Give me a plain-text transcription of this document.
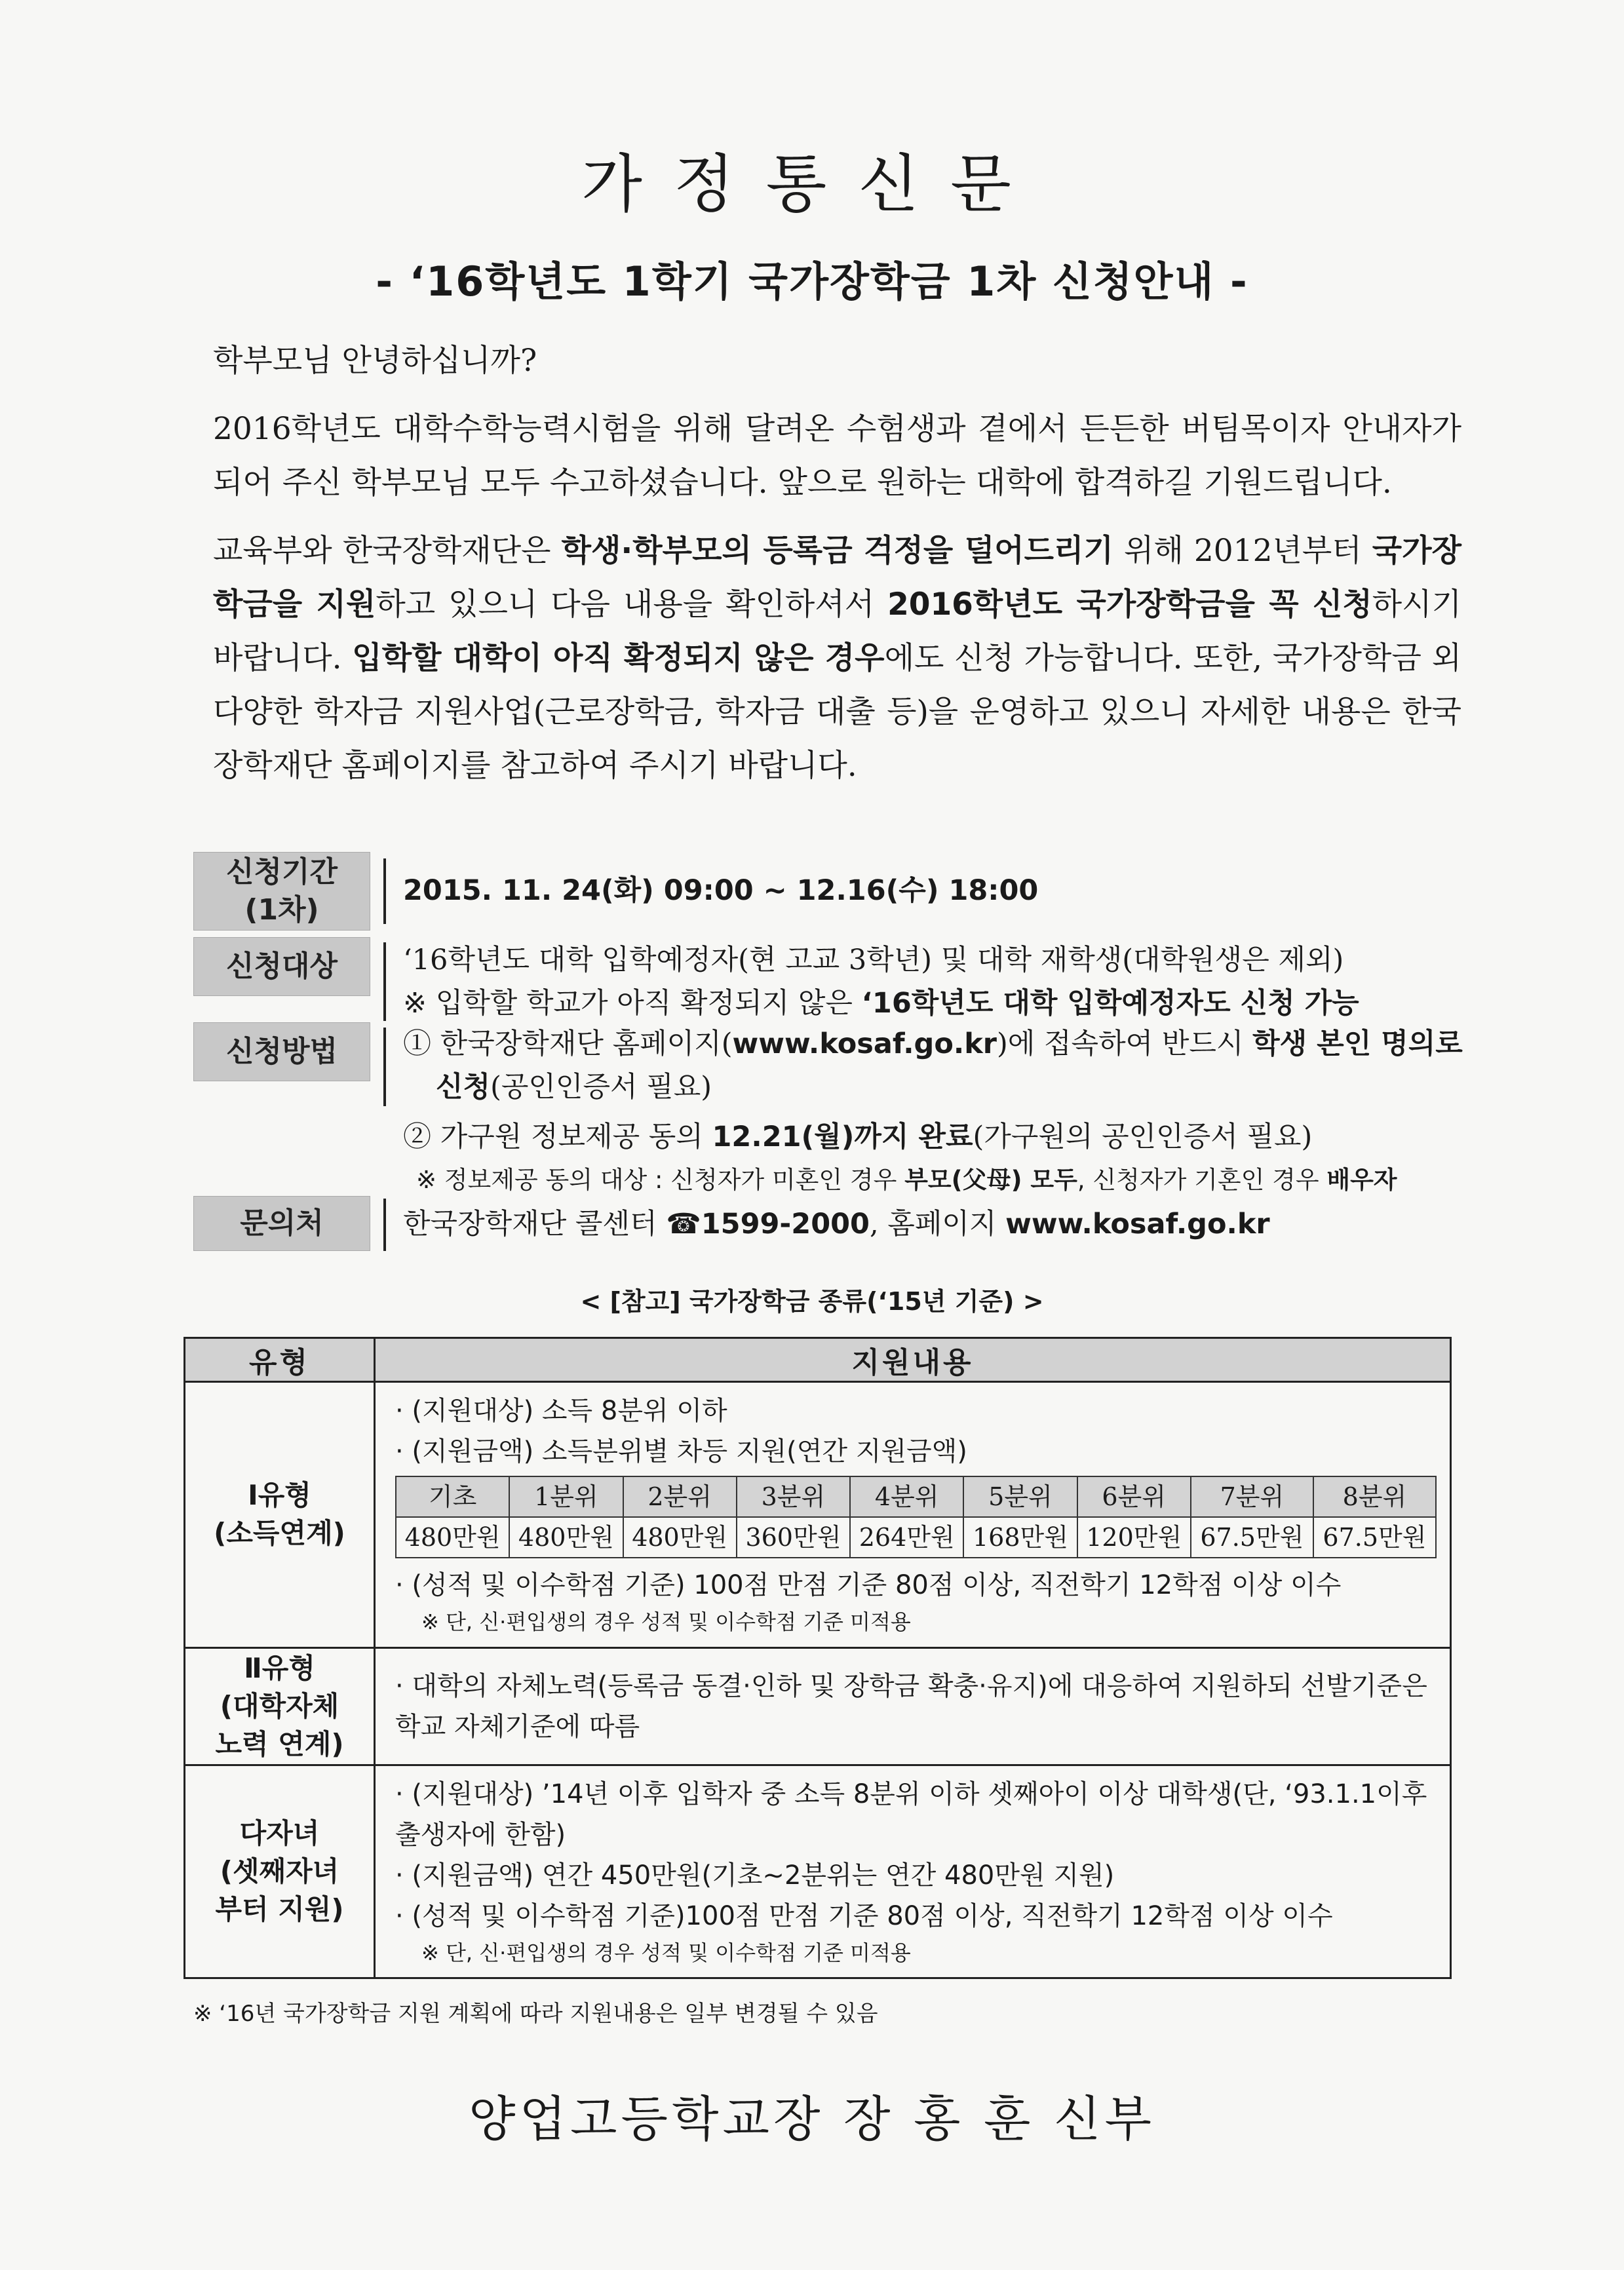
가정통신문
- ‘16학년도 1학기 국가장학금 1차 신청안내 -

학부모님 안녕하십니까?

2016학년도 대학수학능력시험을 위해 달려온 수험생과 곁에서 든든한 버팀목이자 안내자가 되어 주신 학부모님 모두 수고하셨습니다. 앞으로 원하는 대학에 합격하길 기원드립니다.

교육부와 한국장학재단은 학생·학부모의 등록금 걱정을 덜어드리기 위해 2012년부터 국가장학금을 지원하고 있으니 다음 내용을 확인하셔서 2016학년도 국가장학금을 꼭 신청하시기 바랍니다. 입학할 대학이 아직 확정되지 않은 경우에도 신청 가능합니다. 또한, 국가장학금 외 다양한 학자금 지원사업(근로장학금, 학자금 대출 등)을 운영하고 있으니 자세한 내용은 한국장학재단 홈페이지를 참고하여 주시기 바랍니다.

신청기간
(1차)
2015. 11. 24(화) 09:00 ~ 12.16(수) 18:00
신청대상 ‘16학년도 대학 입학예정자(현 고교 3학년) 및 대학 재학생(대학원생은 제외)
※ 입학할 학교가 아직 확정되지 않은 ‘16학년도 대학 입학예정자도 신청 가능
신청방법 ① 한국장학재단 홈페이지(www.kosaf.go.kr)에 접속하여 반드시 학생 본인 명의로 신청(공인인증서 필요)
② 가구원 정보제공 동의 12.21(월)까지 완료(가구원의 공인인증서 필요)
※ 정보제공 동의 대상 : 신청자가 미혼인 경우 부모(父母) 모두, 신청자가 기혼인 경우 배우자
문의처	한국장학재단 콜센터 ☎1599-2000, 홈페이지 www.kosaf.go.kr
< [참고] 국가장학금 종류(‘15년 기준) >
유형	지원내용

Ⅰ유형
(소득연계)

· (지원대상) 소득 8분위 이하
· (지원금액) 소득분위별 차등 지원(연간 지원금액)
기초	1분위	2분위	3분위	4분위	5분위	6분위	7분위	8분위
480만원	480만원	480만원	360만원	264만원	168만원	120만원	67.5만원	67.5만원
· (성적 및 이수학점 기준) 100점 만점 기준 80점 이상, 직전학기 12학점 이상 이수
※ 단, 신·편입생의 경우 성적 및 이수학점 기준 미적용

Ⅱ유형
(대학자체
노력 연계)

· 대학의 자체노력(등록금 동결·인하 및 장학금 확충·유지)에 대응하여 지원하되 선발기준은 학교 자체기준에 따름

다자녀
(셋째자녀
부터 지원)

· (지원대상) ’14년 이후 입학자 중 소득 8분위 이하 셋째아이 이상 대학생(단, ‘93.1.1이후 출생자에 한함)
· (지원금액) 연간 450만원(기초~2분위는 연간 480만원 지원)
· (성적 및 이수학점 기준)100점 만점 기준 80점 이상, 직전학기 12학점 이상 이수
※ 단, 신·편입생의 경우 성적 및 이수학점 기준 미적용
※ ‘16년 국가장학금 지원 계획에 따라 지원내용은 일부 변경될 수 있음
양업고등학교장 장 홍 훈 신부
